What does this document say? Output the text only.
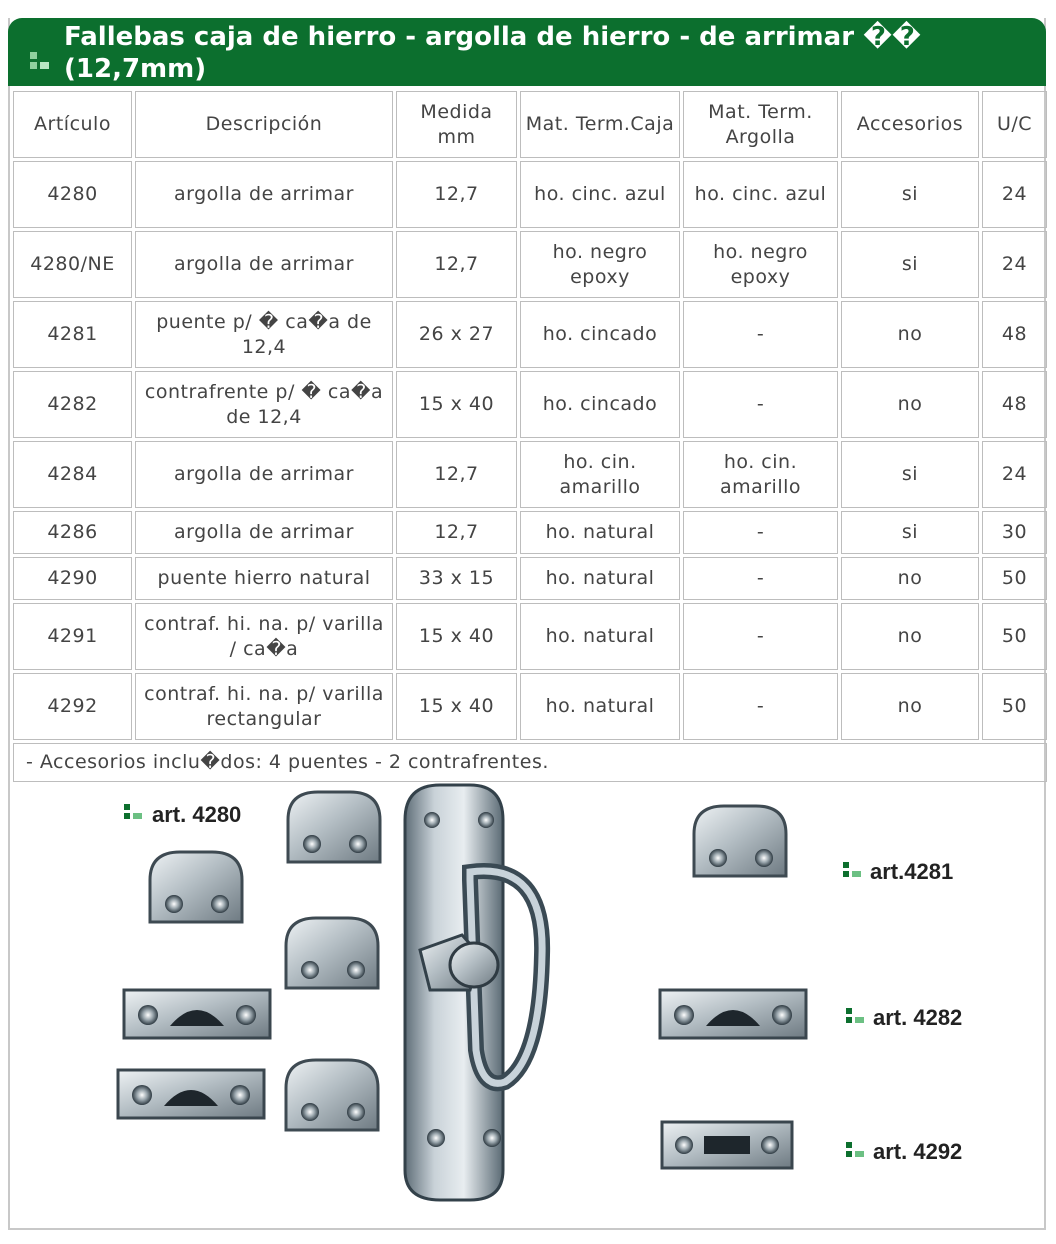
Fallebas caja de hierro - argolla de hierro - de arrimar ��
(12,7mm)
Artículo	Descripción	Medida mm	Mat. Term.Caja	Mat. Term. Argolla	Accesorios	U/C
4280	argolla de arrimar	12,7	ho. cinc. azul	ho. cinc. azul	si	24
4280/NE	argolla de arrimar	12,7	ho. negro epoxy	ho. negro epoxy	si	24
4281	puente p/ � ca�a de 12,4	26 x 27	ho. cincado	-	no	48
4282	contrafrente p/ � ca�a de 12,4	15 x 40	ho. cincado	-	no	48
4284	argolla de arrimar	12,7	ho. cin. amarillo	ho. cin. amarillo	si	24
4286	argolla de arrimar	12,7	ho. natural	-	si	30
4290	puente hierro natural	33 x 15	ho. natural	-	no	50
4291	contraf. hi. na. p/ varilla / ca�a	15 x 40	ho. natural	-	no	50
4292	contraf. hi. na. p/ varilla rectangular	15 x 40	ho. natural	-	no	50
- Accesorios inclu�dos: 4 puentes - 2 contrafrentes.						
art. 4280
art.4281
art. 4282
art. 4292
